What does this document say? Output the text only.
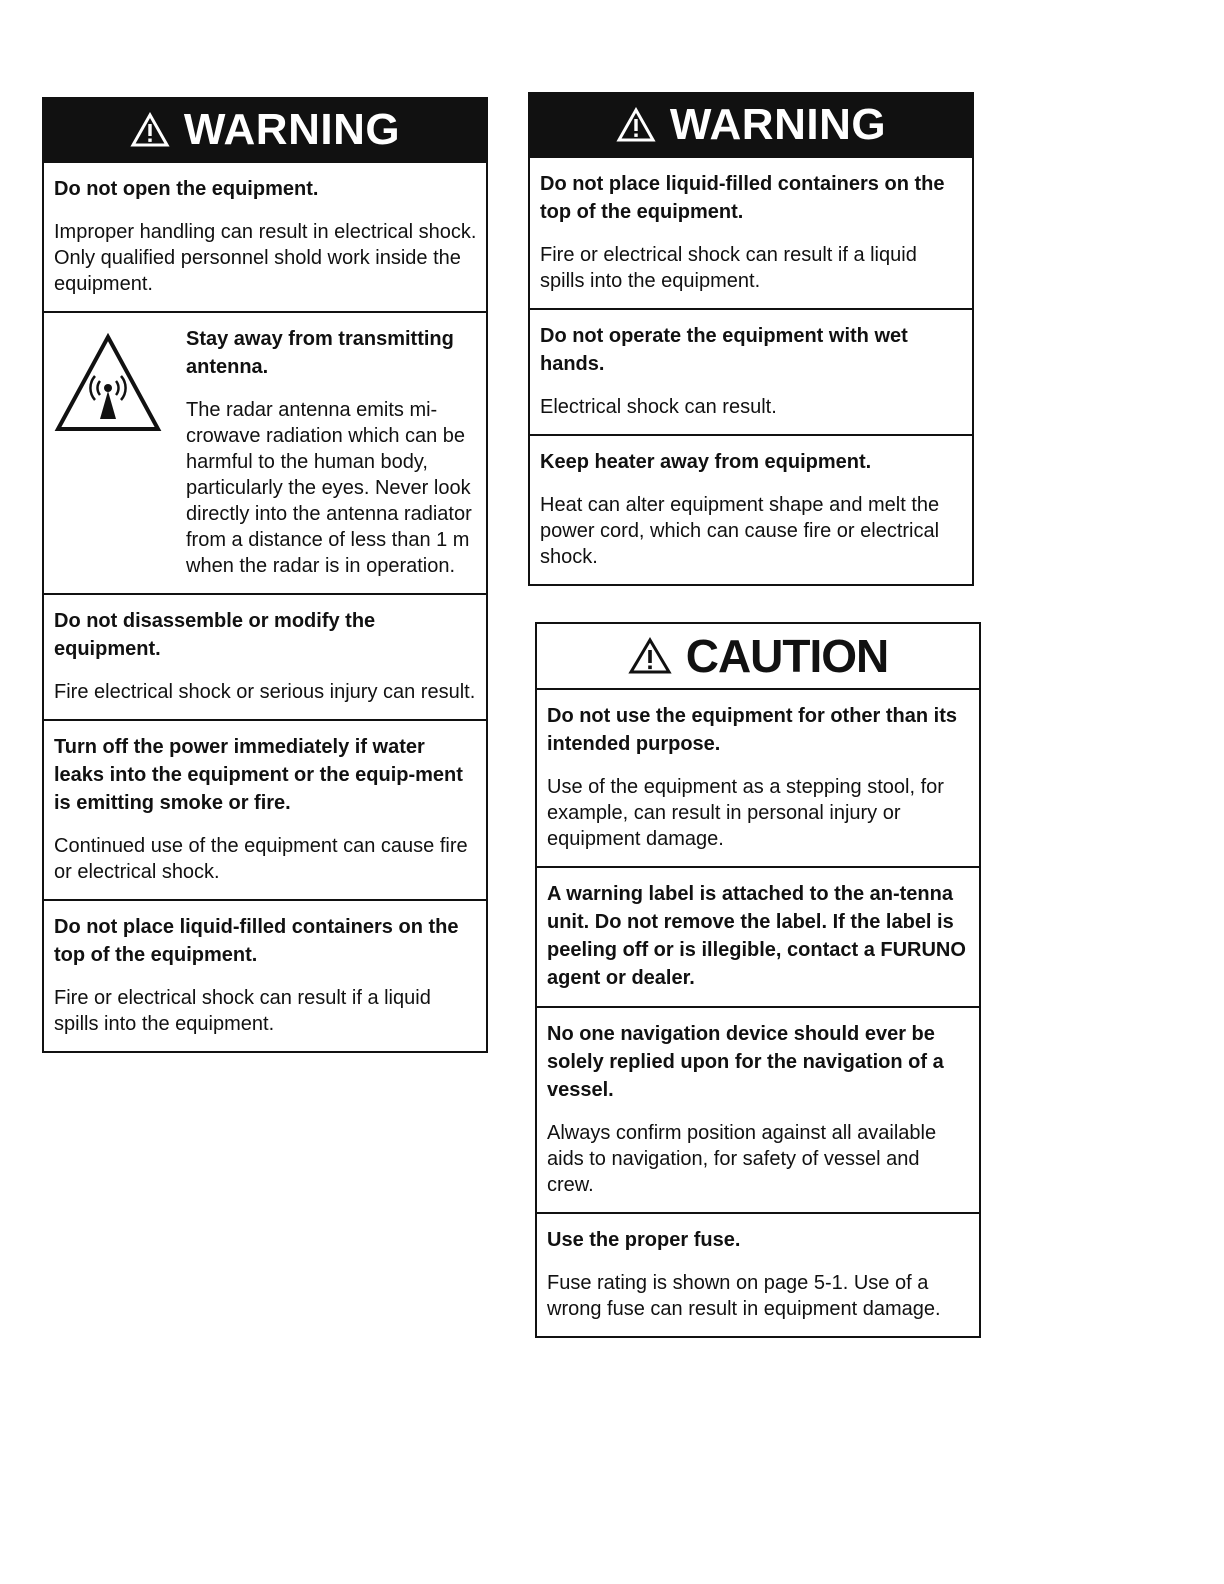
WARNING
Do not open the equipment.
Improper handling can result in electrical shock. Only qualified personnel shold work inside the equipment.
Stay away from transmitting antenna.
The radar antenna emits mi-crowave radiation which can be harmful to the human body, particularly the eyes. Never look directly into the antenna radiator from a distance of less than 1 m when the radar is in operation.
Do not disassemble or modify the equipment.
Fire electrical shock or serious injury can result.
Turn off the power immediately if water leaks into the equipment or the equip-ment is emitting smoke or fire.
Continued use of the equipment can cause fire or electrical shock.
Do not place liquid-filled containers on the top of the equipment.
Fire or electrical shock can result if a liquid spills into the equipment.
WARNING
Do not place liquid-filled containers on the top of the equipment.
Fire or electrical shock can result if a liquid spills into the equipment.
Do not operate the equipment with wet hands.
Electrical shock can result.
Keep heater away from equipment.
Heat can alter equipment shape and melt the power cord, which can cause fire or electrical shock.
CAUTION
Do not use the equipment for other than its intended purpose.
Use of the equipment as a stepping stool, for example, can result in personal injury or equipment damage.
A warning label is attached to the an-tenna unit. Do not remove the label. If the label is peeling off or is illegible, contact a FURUNO agent or dealer.
No one navigation device should ever be solely replied upon for the navigation of a vessel.
Always confirm position against all available aids to navigation, for safety of vessel and crew.
Use the proper fuse.
Fuse rating is shown on page 5-1. Use of a wrong fuse can result in equipment damage.
